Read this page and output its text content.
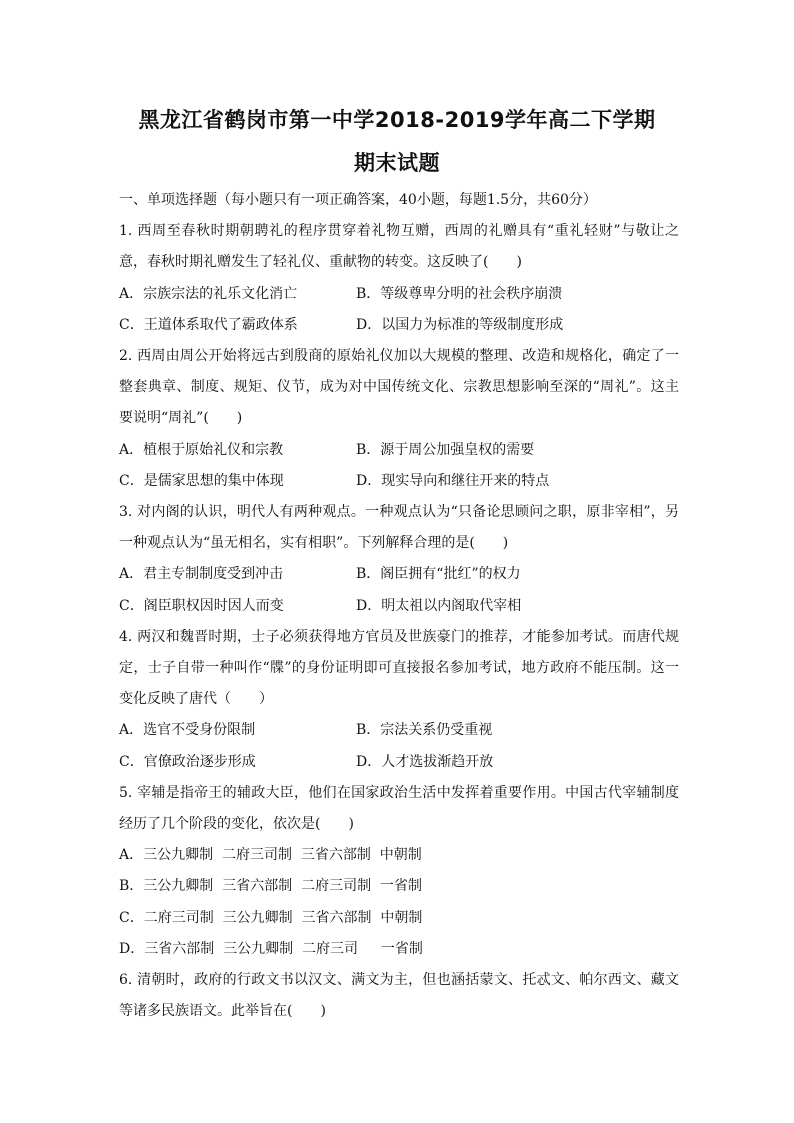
黑龙江省鹤岗市第一中学2018-2019学年高二下学期
期末试题

一、单项选择题（每小题只有一项正确答案，40小题，每题1.5分，共60分）

1. 西周至春秋时期朝聘礼的程序贯穿着礼物互赠，西周的礼赠具有“重礼轻财”与敬让之意，春秋时期礼赠发生了轻礼仪、重献物的转变。这反映了(　　)

A．宗族宗法的礼乐文化消亡	B．等级尊卑分明的社会秩序崩溃
C．王道体系取代了霸政体系	D．以国力为标准的等级制度形成

2. 西周由周公开始将远古到殷商的原始礼仪加以大规模的整理、改造和规格化，确定了一整套典章、制度、规矩、仪节，成为对中国传统文化、宗教思想影响至深的“周礼”。这主要说明“周礼”(　　)

A．植根于原始礼仪和宗教	B．源于周公加强皇权的需要
C．是儒家思想的集中体现	D．现实导向和继往开来的特点

3. 对内阁的认识，明代人有两种观点。一种观点认为“只备论思顾问之职，原非宰相”，另一种观点认为“虽无相名，实有相职”。下列解释合理的是(　　)

A．君主专制制度受到冲击	B．阁臣拥有“批红”的权力
C．阁臣职权因时因人而变	D．明太祖以内阁取代宰相

4. 两汉和魏晋时期，士子必须获得地方官员及世族豪门的推荐，才能参加考试。而唐代规定，士子自带一种叫作“牒”的身份证明即可直接报名参加考试，地方政府不能压制。这一变化反映了唐代（　　）

A．选官不受身份限制	B．宗法关系仍受重视
C．官僚政治逐步形成	D．人才选拔渐趋开放

5. 宰辅是指帝王的辅政大臣，他们在国家政治生活中发挥着重要作用。中国古代宰辅制度经历了几个阶段的变化，依次是(　　)

A．三公九卿制  二府三司制  三省六部制  中朝制

B．三公九卿制  三省六部制  二府三司制  一省制

C．二府三司制  三公九卿制  三省六部制  中朝制

D．三省六部制  三公九卿制  二府三司　  一省制

6. 清朝时，政府的行政文书以汉文、满文为主，但也涵括蒙文、托忒文、帕尔西文、藏文等诸多民族语文。此举旨在(　　)
